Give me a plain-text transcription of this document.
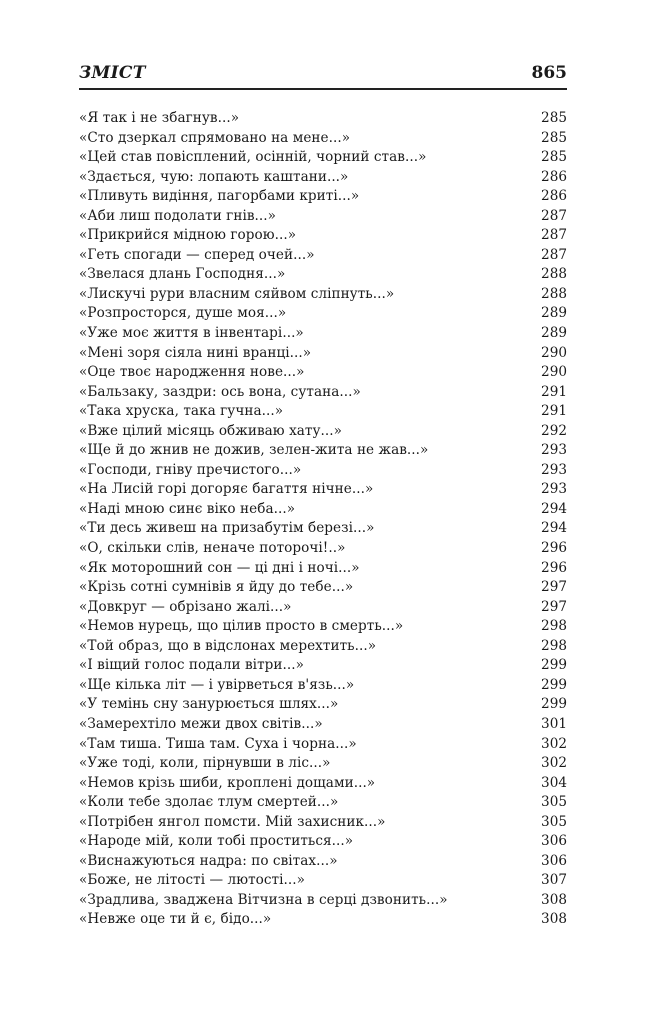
ЗМІСТ	865
«Я так і не збагнув...»	285
«Сто дзеркал спрямовано на мене...»	285
«Цей став повісплений, осінній, чорний став...»	285
«Здається, чую: лопають каштани...»	286
«Пливуть видіння, пагорбами криті...»	286
«Аби лиш подолати гнів...»	287
«Прикрийся мідною горою...»	287
«Геть спогади — сперед очей...»	287
«Звелася длань Господня...»	288
«Лискучі рури власним сяйвом сліпнуть...»	288
«Розпросторся, душе моя...»	289
«Уже моє життя в інвентарі...»	289
«Мені зоря сіяла нині вранці...»	290
«Оце твоє народження нове...»	290
«Бальзаку, заздри: ось вона, сутана...»	291
«Така хруска, така гучна...»	291
«Вже цілий місяць обживаю хату...»	292
«Ще й до жнив не дожив, зелен-жита не жав...»	293
«Господи, гніву пречистого...»	293
«На Лисій горі догоряє багаття нічне...»	293
«Наді мною синє віко неба...»	294
«Ти десь живеш на призабутім березі...»	294
«О, скільки слів, неначе поторочі!..»	296
«Як моторошний сон — ці дні і ночі...»	296
«Крізь сотні сумнівів я йду до тебе...»	297
«Довкруг — обрізано жалі...»	297
«Немов нурець, що цілив просто в смерть...»	298
«Той образ, що в відслонах мерехтить...»	298
«І віщий голос подали вітри...»	299
«Ще кілька літ — і увірветься в'язь...»	299
«У темінь сну занурюється шлях...»	299
«Замерехтіло межи двох світів...»	301
«Там тиша. Тиша там. Суха і чорна...»	302
«Уже тоді, коли, пірнувши в ліс...»	302
«Немов крізь шиби, кроплені дощами...»	304
«Коли тебе здолає тлум смертей...»	305
«Потрібен янгол помсти. Мій захисник...»	305
«Народе мій, коли тобі проститься...»	306
«Виснажуються надра: по світах...»	306
«Боже, не літості — лютості...»	307
«Зрадлива, зваджена Вітчизна в серці дзвонить...»	308
«Невже оце ти й є, бідо...»	308
